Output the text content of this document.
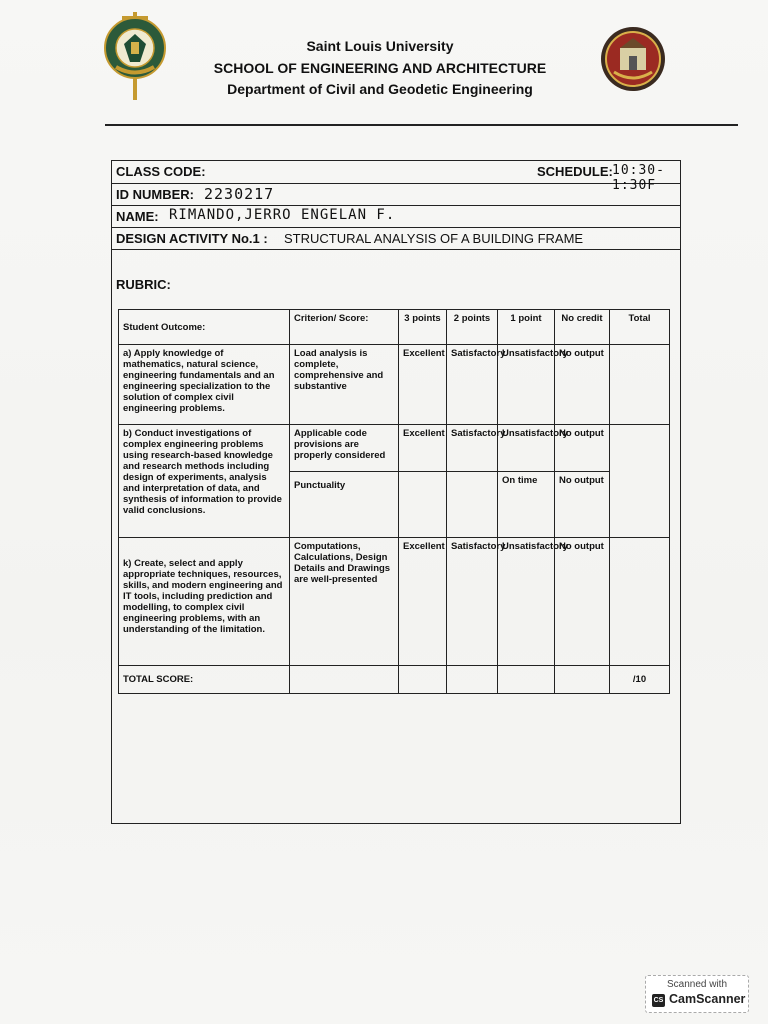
Saint Louis University
SCHOOL OF ENGINEERING AND ARCHITECTURE
Department of Civil and Geodetic Engineering
CLASS CODE:	SCHEDULE: 10:30-1:30F
ID NUMBER: 2230217
NAME: RIMANDO,JERRO ENGELAN F.
DESIGN ACTIVITY No.1 : STRUCTURAL ANALYSIS OF A BUILDING FRAME
RUBRIC:
Student Outcome:	Criterion/ Score:	3 points	2 points	1 point	No credit	Total
a) Apply knowledge of mathematics, natural science, engineering fundamentals and an engineering specialization to the solution of complex civil engineering problems.	Load analysis is complete, comprehensive and substantive	Excellent	Satisfactory	Unsatisfactory	No output	
b) Conduct investigations of complex engineering problems using research-based knowledge and research methods including design of experiments, analysis and interpretation of data, and synthesis of information to provide valid conclusions.	Applicable code provisions are properly considered	Excellent	Satisfactory	Unsatisfactory	No output	
	Punctuality			On time	No output	
k) Create, select and apply appropriate techniques, resources, skills, and modern engineering and IT tools, including prediction and modelling, to complex civil engineering problems, with an understanding of the limitation.	Computations, Calculations, Design Details and Drawings are well-presented	Excellent	Satisfactory	Unsatisfactory	No output	
TOTAL SCORE:						/10
Scanned with
CS CamScanner
